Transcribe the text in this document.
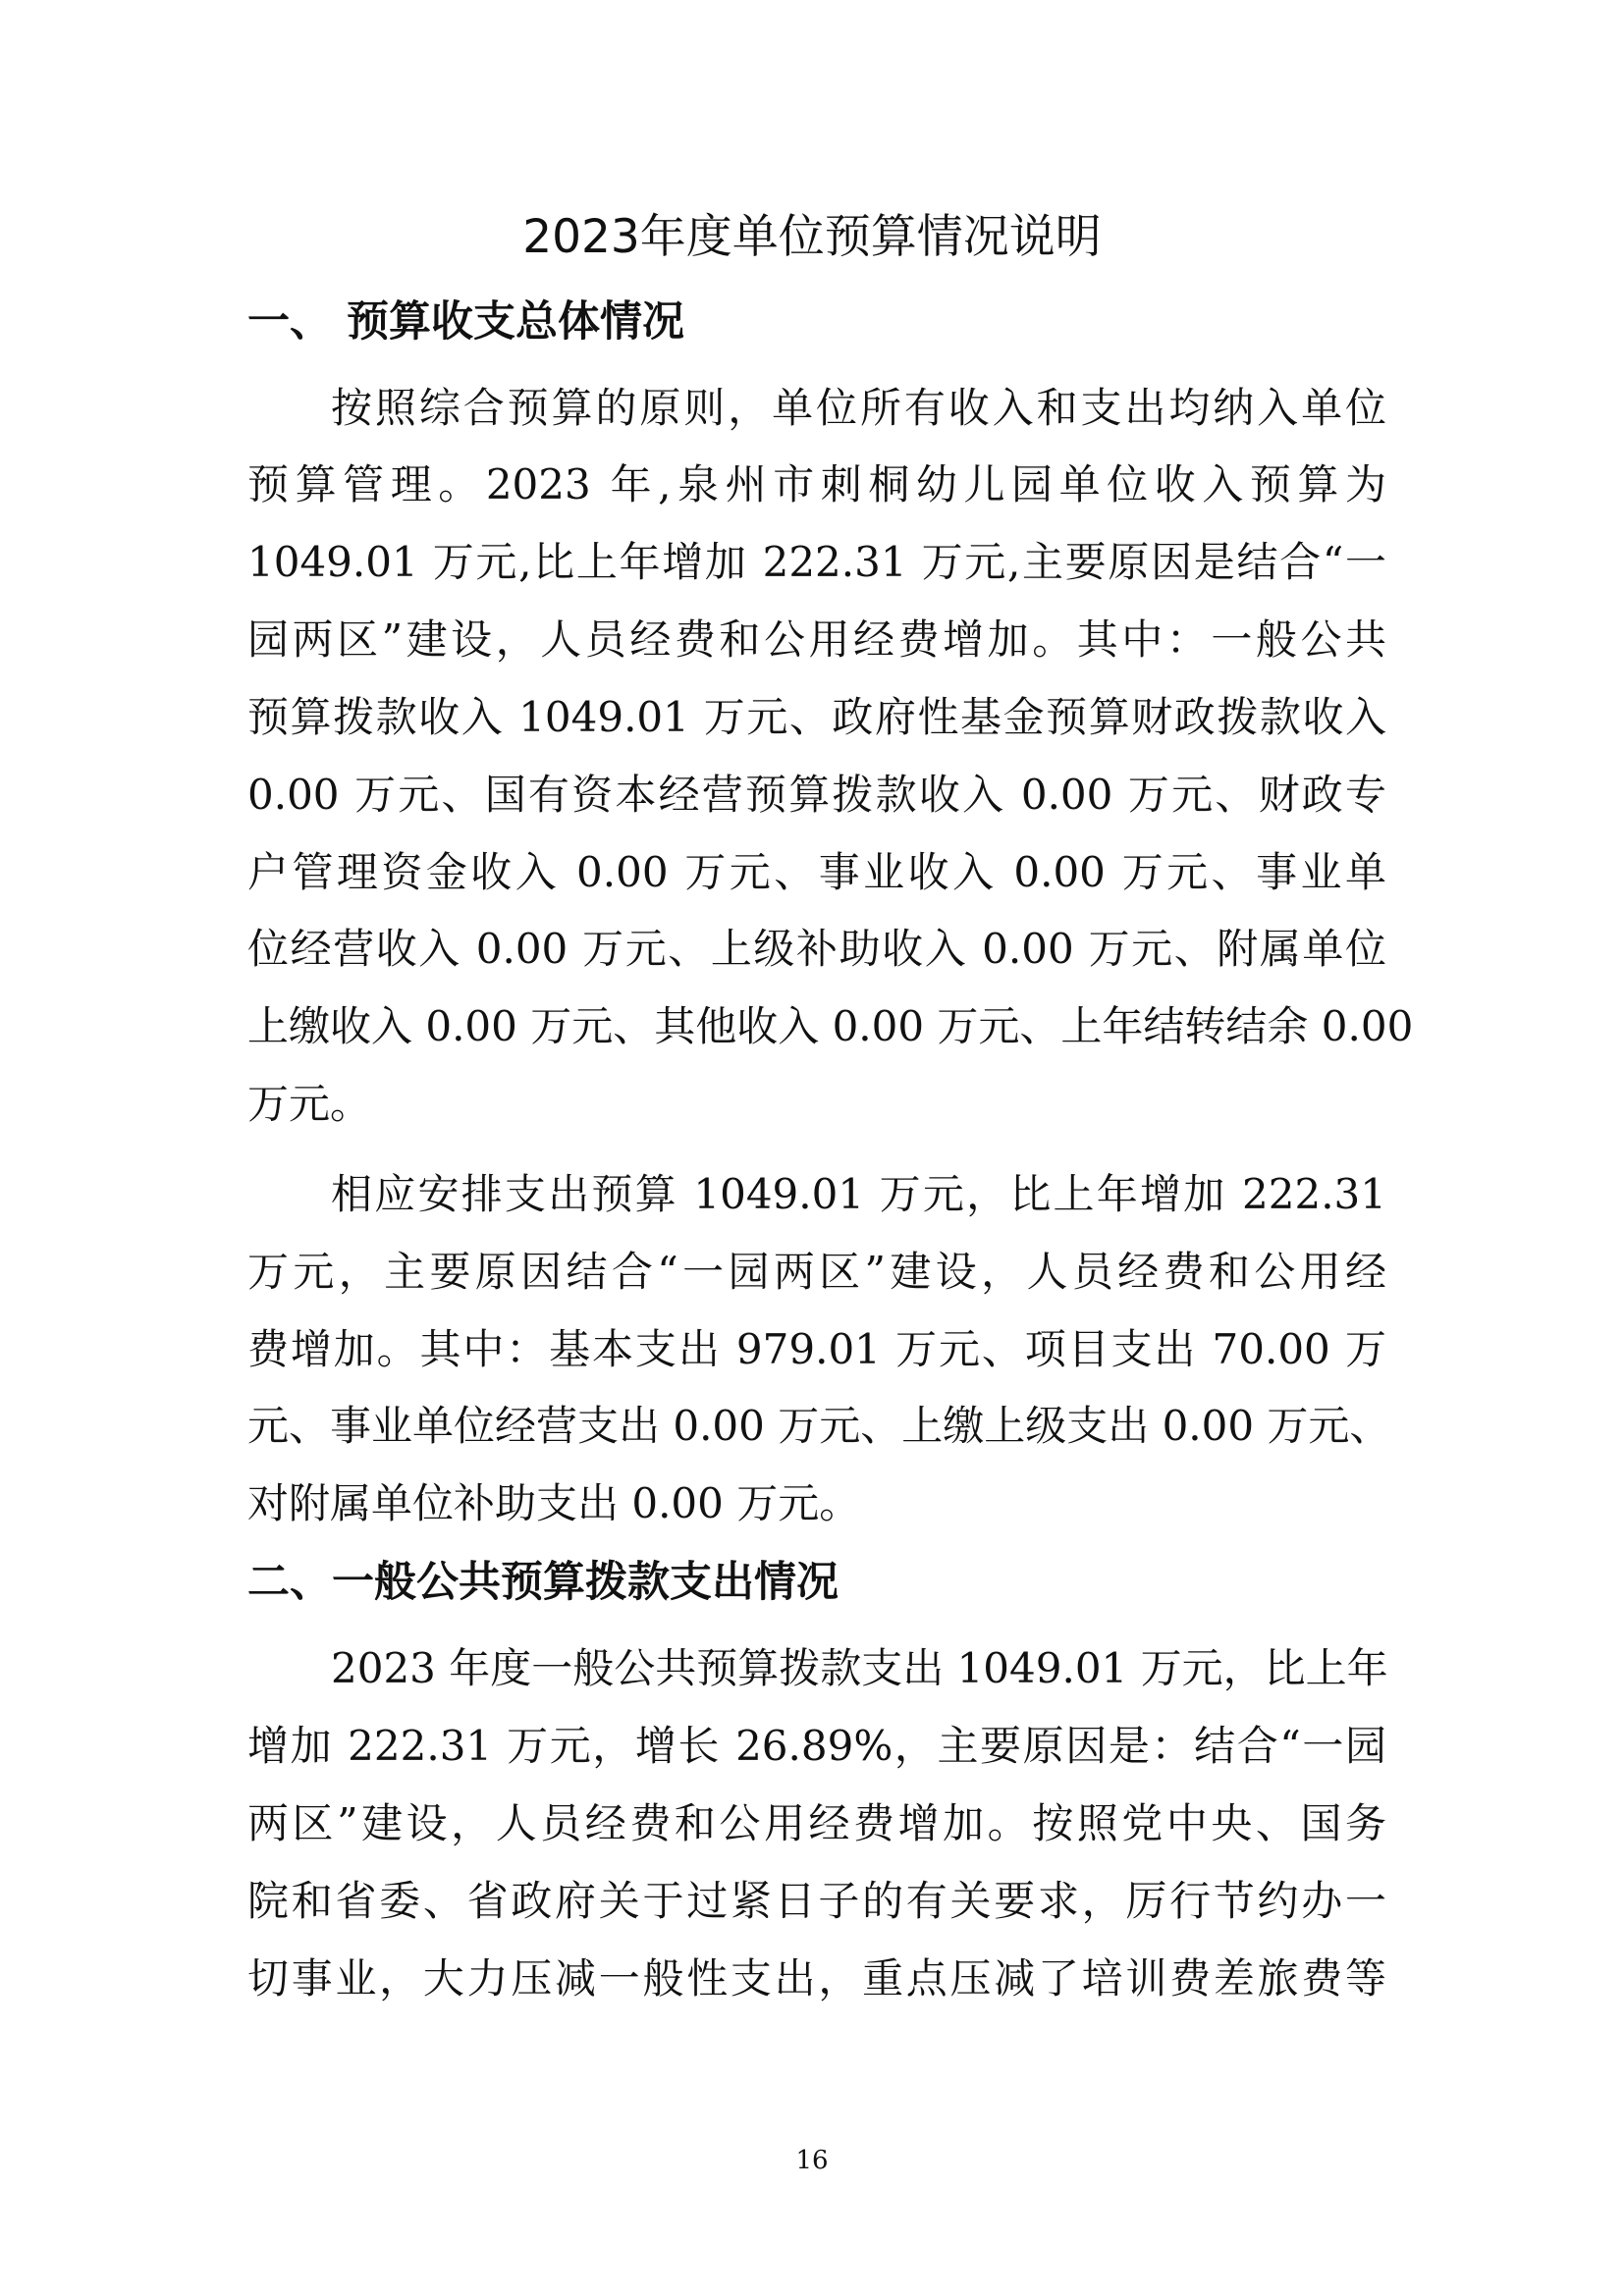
2023年度单位预算情况说明
一、 预算收支总体情况
按照综合预算的原则，单位所有收入和支出均纳入单位
预算管理。2023 年,泉州市刺桐幼儿园单位收入预算为
1049.01 万元,比上年增加 222.31 万元,主要原因是结合“一
园两区”建设，人员经费和公用经费增加。其中：一般公共
预算拨款收入 1049.01 万元、政府性基金预算财政拨款收入
0.00 万元、国有资本经营预算拨款收入 0.00 万元、财政专
户管理资金收入 0.00 万元、事业收入 0.00 万元、事业单
位经营收入 0.00 万元、上级补助收入 0.00 万元、附属单位
上缴收入 0.00 万元、其他收入 0.00 万元、上年结转结余 0.00
万元。
相应安排支出预算 1049.01 万元，比上年增加 222.31
万元，主要原因结合“一园两区”建设，人员经费和公用经
费增加。其中：基本支出 979.01 万元、项目支出 70.00 万
元、事业单位经营支出 0.00 万元、上缴上级支出 0.00 万元、
对附属单位补助支出 0.00 万元。
二、一般公共预算拨款支出情况
2023 年度一般公共预算拨款支出 1049.01 万元，比上年
增加 222.31 万元，增长 26.89%，主要原因是：结合“一园
两区”建设，人员经费和公用经费增加。按照党中央、国务
院和省委、省政府关于过紧日子的有关要求，厉行节约办一
切事业，大力压减一般性支出，重点压减了培训费差旅费等
16
